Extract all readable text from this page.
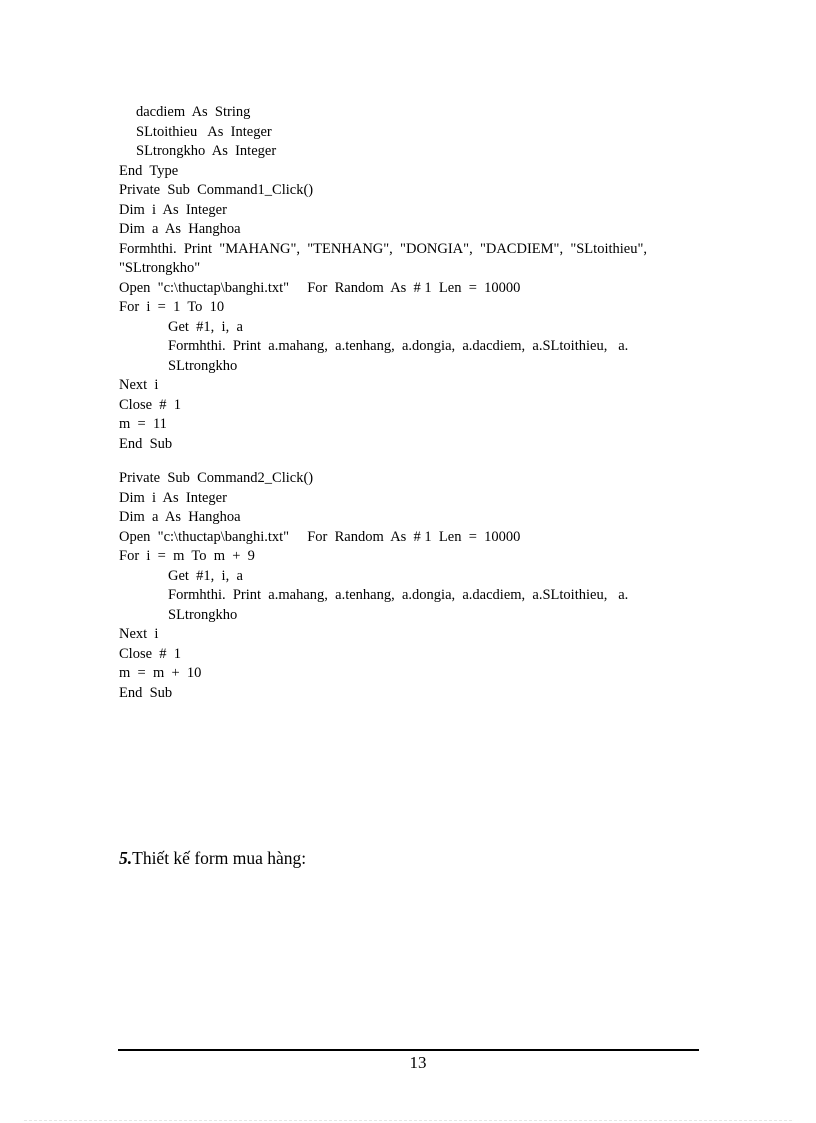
dacdiem  As  String
SLtoithieu   As  Integer
SLtrongkho  As  Integer
End  Type
Private  Sub  Command1_Click()
Dim  i  As  Integer
Dim  a  As  Hanghoa
Formhthi.  Print  "MAHANG",  "TENHANG",  "DONGIA",  "DACDIEM",  "SLtoithieu",
"SLtrongkho"
Open  "c:\thuctap\banghi.txt"     For  Random  As  # 1  Len  =  10000
For  i  =  1  To  10
Get  #1,  i,  a
Formhthi.  Print  a.mahang,  a.tenhang,  a.dongia,  a.dacdiem,  a.SLtoithieu,   a.
SLtrongkho
Next  i
Close  #  1
m  =  11
End  Sub
Private  Sub  Command2_Click()
Dim  i  As  Integer
Dim  a  As  Hanghoa
Open  "c:\thuctap\banghi.txt"     For  Random  As  # 1  Len  =  10000
For  i  =  m  To  m  +  9
Get  #1,  i,  a
Formhthi.  Print  a.mahang,  a.tenhang,  a.dongia,  a.dacdiem,  a.SLtoithieu,   a.
SLtrongkho
Next  i
Close  #  1
m  =  m  +  10
End  Sub
5.Thiết kế form mua hàng:
13
